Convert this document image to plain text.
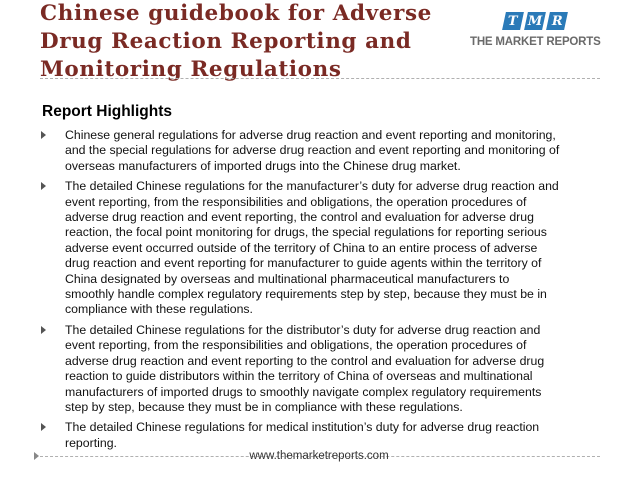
Chinese guidebook for Adverse
Drug Reaction Reporting and
Monitoring Regulations
T M R
THE MARKET REPORTS
Report Highlights
Chinese general regulations for adverse drug reaction and event reporting and monitoring, and the special regulations for adverse drug reaction and event reporting and monitoring of overseas manufacturers of imported drugs into the Chinese drug market.
The detailed Chinese regulations for the manufacturer’s duty for adverse drug reaction and event reporting, from the responsibilities and obligations, the operation procedures of adverse drug reaction and event reporting, the control and evaluation for adverse drug reaction, the focal point monitoring for drugs, the special regulations for reporting serious adverse event occurred outside of the territory of China to an entire process of adverse drug reaction and event reporting for manufacturer to guide agents within the territory of China designated by overseas and multinational pharmaceutical manufacturers to smoothly handle complex regulatory requirements step by step, because they must be in compliance with these regulations.
The detailed Chinese regulations for the distributor’s duty for adverse drug reaction and event reporting, from the responsibilities and obligations, the operation procedures of adverse drug reaction and event reporting to the control and evaluation for adverse drug reaction to guide distributors within the territory of China of overseas and multinational manufacturers of imported drugs to smoothly navigate complex regulatory requirements step by step, because they must be in compliance with these regulations.
The detailed Chinese regulations for medical institution’s duty for adverse drug reaction reporting.
www.themarketreports.com
